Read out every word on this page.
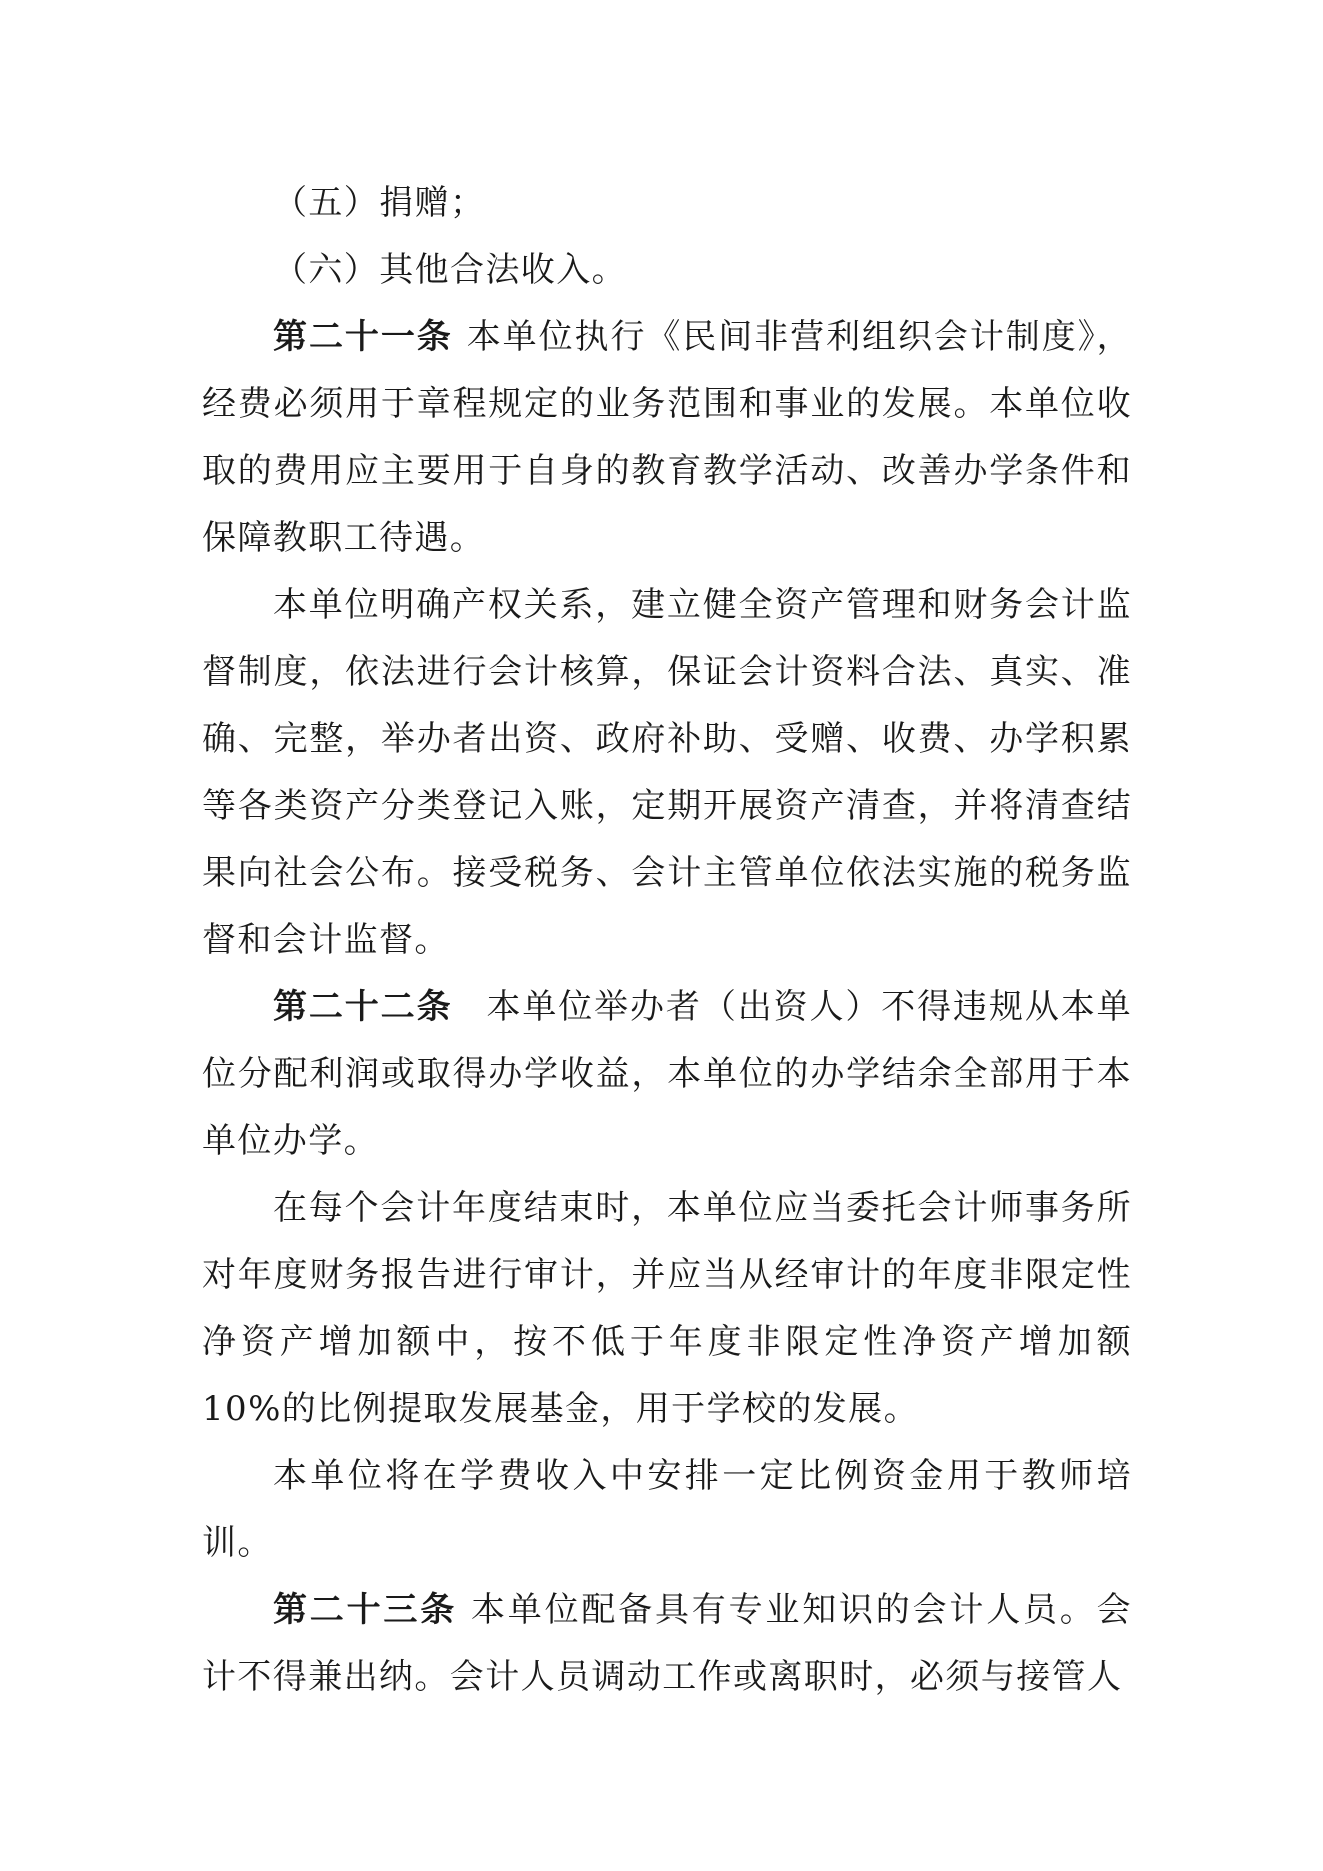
（五）捐赠；

（六）其他合法收入。

第二十一条 本单位执行《民间非营利组织会计制度》，经费必须用于章程规定的业务范围和事业的发展。本单位收取的费用应主要用于自身的教育教学活动、改善办学条件和保障教职工待遇。

本单位明确产权关系，建立健全资产管理和财务会计监督制度，依法进行会计核算，保证会计资料合法、真实、准确、完整，举办者出资、政府补助、受赠、收费、办学积累等各类资产分类登记入账，定期开展资产清查，并将清查结果向社会公布。接受税务、会计主管单位依法实施的税务监督和会计监督。

第二十二条 本单位举办者（出资人）不得违规从本单位分配利润或取得办学收益，本单位的办学结余全部用于本单位办学。

在每个会计年度结束时，本单位应当委托会计师事务所对年度财务报告进行审计，并应当从经审计的年度非限定性净资产增加额中，按不低于年度非限定性净资产增加额 10%的比例提取发展基金，用于学校的发展。

本单位将在学费收入中安排一定比例资金用于教师培训。

第二十三条 本单位配备具有专业知识的会计人员。会计不得兼出纳。会计人员调动工作或离职时，必须与接管人
